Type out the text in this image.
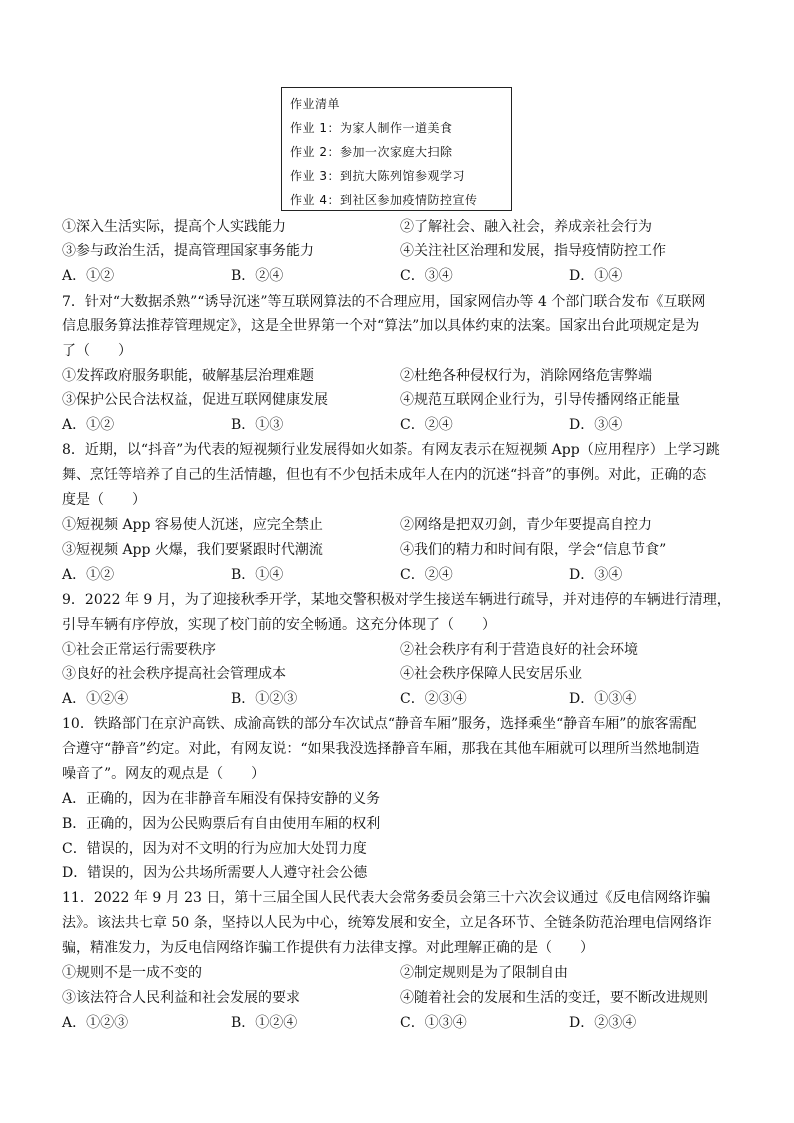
作业清单
作业 1：为家人制作一道美食
作业 2：参加一次家庭大扫除
作业 3：到抗大陈列馆参观学习
作业 4：到社区参加疫情防控宣传
①深入生活实际，提高个人实践能力	②了解社会、融入社会，养成亲社会行为
③参与政治生活，提高管理国家事务能力	④关注社区治理和发展，指导疫情防控工作
A．①②	B．②④	C．③④	D．①④
7．针对“大数据杀熟”“诱导沉迷”等互联网算法的不合理应用，国家网信办等 4 个部门联合发布《互联网
信息服务算法推荐管理规定》，这是全世界第一个对“算法”加以具体约束的法案。国家出台此项规定是为
了（　　）
①发挥政府服务职能，破解基层治理难题	②杜绝各种侵权行为，消除网络危害弊端
③保护公民合法权益，促进互联网健康发展	④规范互联网企业行为，引导传播网络正能量
A．①②	B．①③	C．②④	D．③④
8．近期，以“抖音”为代表的短视频行业发展得如火如荼。有网友表示在短视频 App（应用程序）上学习跳
舞、烹饪等培养了自己的生活情趣，但也有不少包括未成年人在内的沉迷“抖音”的事例。对此，正确的态
度是（　　）
①短视频 App 容易使人沉迷，应完全禁止	②网络是把双刃剑，青少年要提高自控力
③短视频 App 火爆，我们要紧跟时代潮流	④我们的精力和时间有限，学会“信息节食”
A．①②	B．①④	C．②④	D．③④
9．2022 年 9 月，为了迎接秋季开学，某地交警积极对学生接送车辆进行疏导，并对违停的车辆进行清理，
引导车辆有序停放，实现了校门前的安全畅通。这充分体现了（　　）
①社会正常运行需要秩序	②社会秩序有利于营造良好的社会环境
③良好的社会秩序提高社会管理成本	④社会秩序保障人民安居乐业
A．①②④	B．①②③	C．②③④	D．①③④
10．铁路部门在京沪高铁、成渝高铁的部分车次试点“静音车厢”服务，选择乘坐“静音车厢”的旅客需配
合遵守“静音”约定。对此，有网友说：“如果我没选择静音车厢，那我在其他车厢就可以理所当然地制造
噪音了”。网友的观点是（　　）
A．正确的，因为在非静音车厢没有保持安静的义务
B．正确的，因为公民购票后有自由使用车厢的权利
C．错误的，因为对不文明的行为应加大处罚力度
D．错误的，因为公共场所需要人人遵守社会公德
11．2022 年 9 月 23 日，第十三届全国人民代表大会常务委员会第三十六次会议通过《反电信网络诈骗
法》。该法共七章 50 条，坚持以人民为中心，统筹发展和安全，立足各环节、全链条防范治理电信网络诈
骗，精准发力，为反电信网络诈骗工作提供有力法律支撑。对此理解正确的是（　　）
①规则不是一成不变的	②制定规则是为了限制自由
③该法符合人民利益和社会发展的要求	④随着社会的发展和生活的变迁，要不断改进规则
A．①②③	B．①②④	C．①③④	D．②③④
